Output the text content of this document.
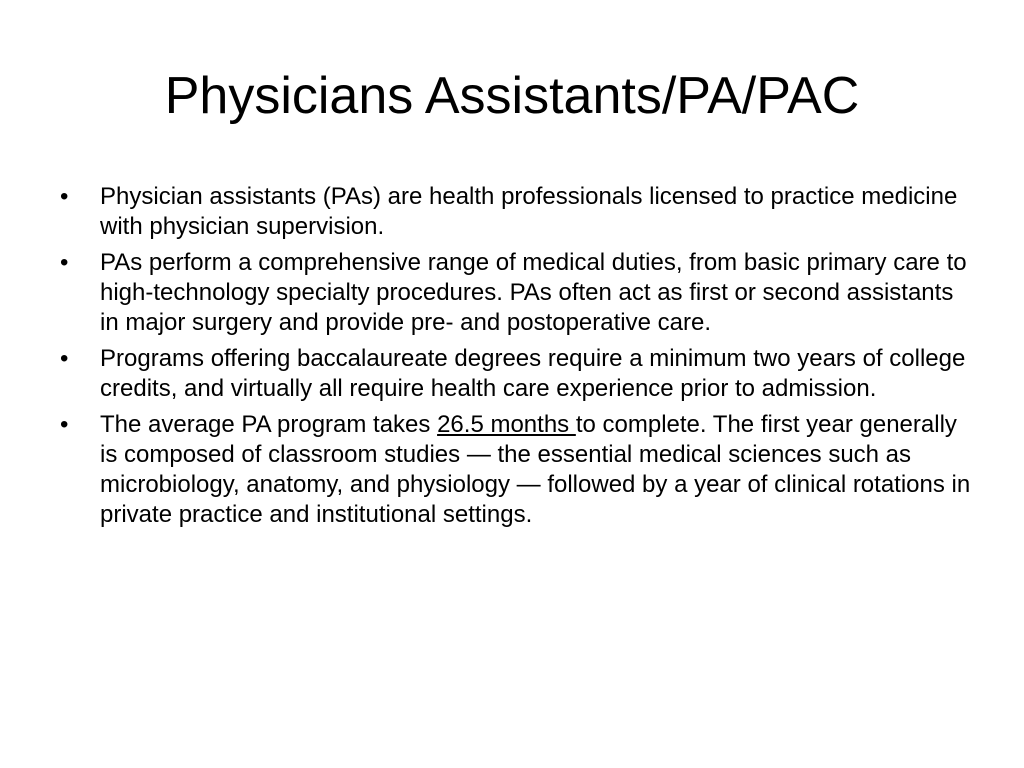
Physicians Assistants/PA/PAC
•	Physician assistants (PAs) are health professionals licensed to practice medicine with physician supervision.
•	PAs perform a comprehensive range of medical duties, from basic primary care to high-technology specialty procedures. PAs often act as first or second assistants in major surgery and provide pre- and postoperative care.
•	Programs offering baccalaureate degrees require a minimum two years of college credits, and virtually all require health care experience prior to admission.
•	The average PA program takes 26.5 months to complete. The first year generally is composed of classroom studies — the essential medical sciences such as microbiology, anatomy, and physiology — followed by a year of clinical rotations in private practice and institutional settings.
